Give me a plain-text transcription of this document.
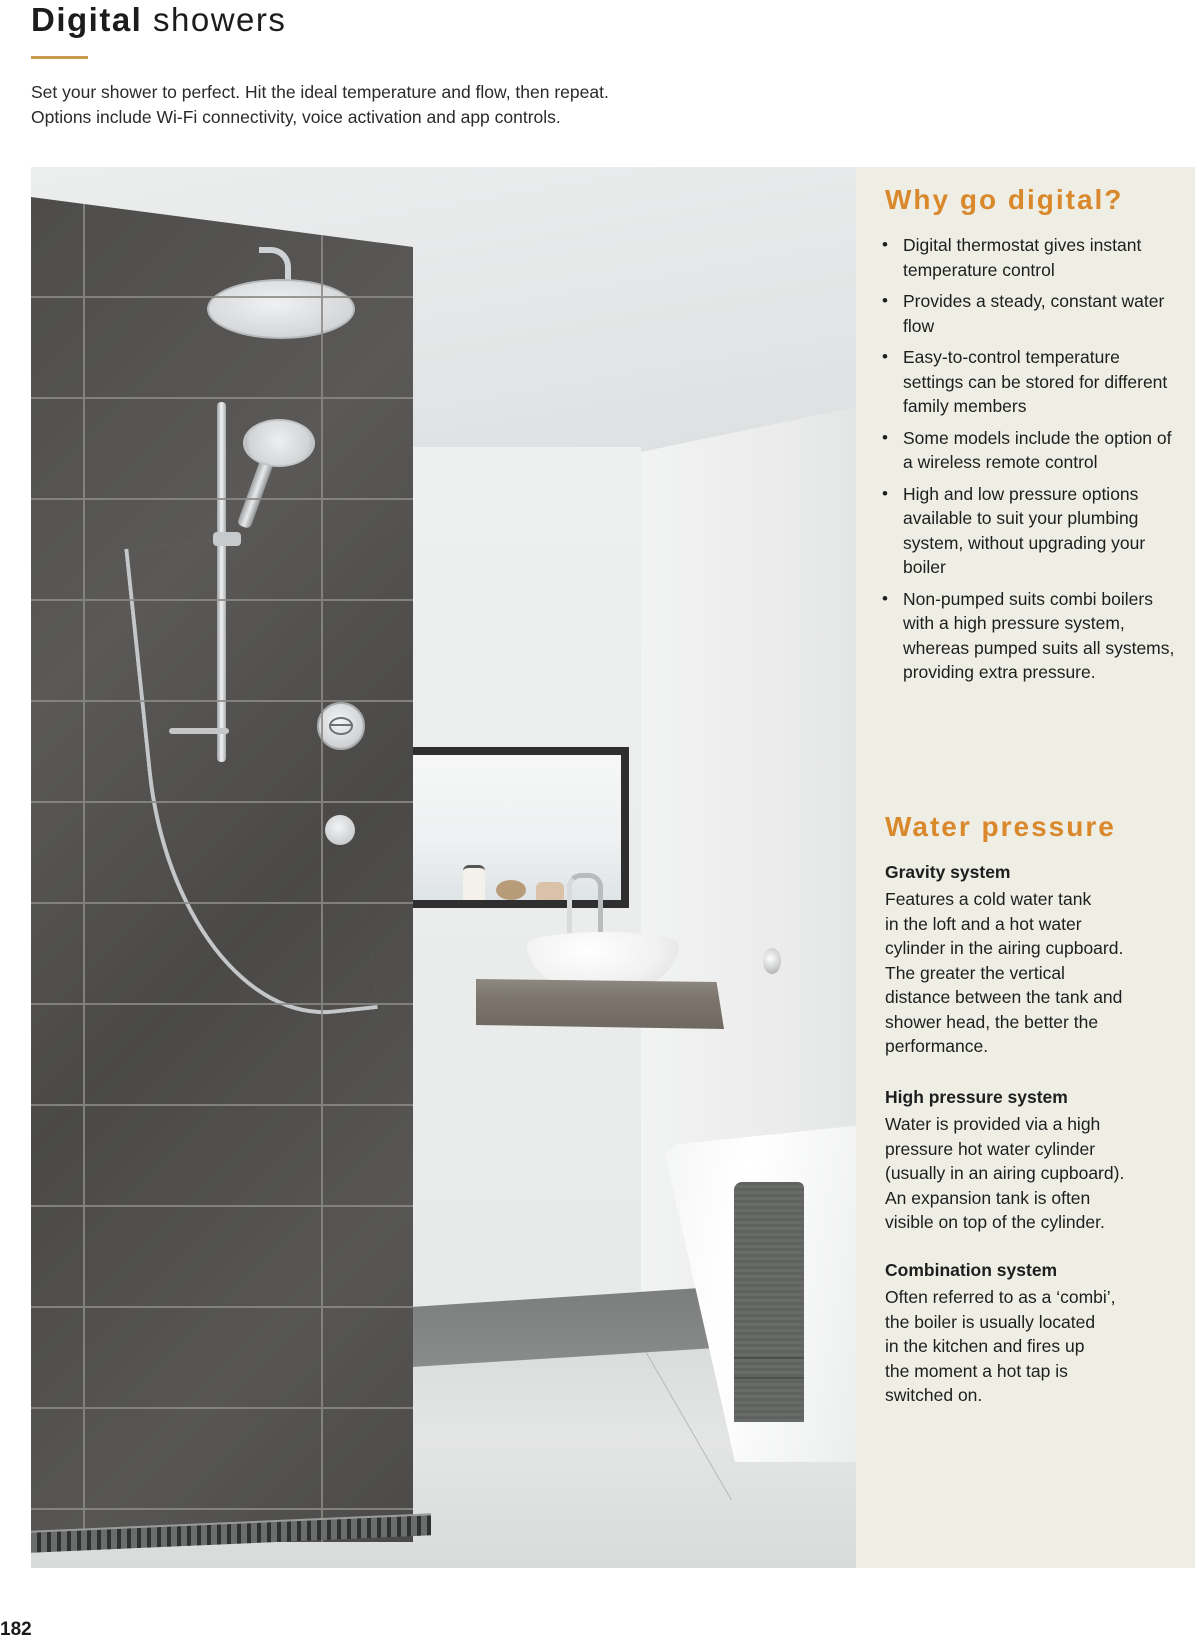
Digital showers

Set your shower to perfect. Hit the ideal temperature and flow, then repeat.
Options include Wi-Fi connectivity, voice activation and app controls.

Why go digital?
• Digital thermostat gives instant temperature control
• Provides a steady, constant water flow
• Easy-to-control temperature settings can be stored for different family members
• Some models include the option of a wireless remote control
• High and low pressure options available to suit your plumbing system, without upgrading your boiler
• Non-pumped suits combi boilers with a high pressure system, whereas pumped suits all systems, providing extra pressure.
Water pressure
Gravity system

Features a cold water tank
in the loft and a hot water
cylinder in the airing cupboard.
The greater the vertical
distance between the tank and
shower head, the better the
performance.

High pressure system

Water is provided via a high
pressure hot water cylinder
(usually in an airing cupboard).
An expansion tank is often
visible on top of the cylinder.

Combination system

Often referred to as a ‘combi’,
the boiler is usually located
in the kitchen and fires up
the moment a hot tap is
switched on.

182
